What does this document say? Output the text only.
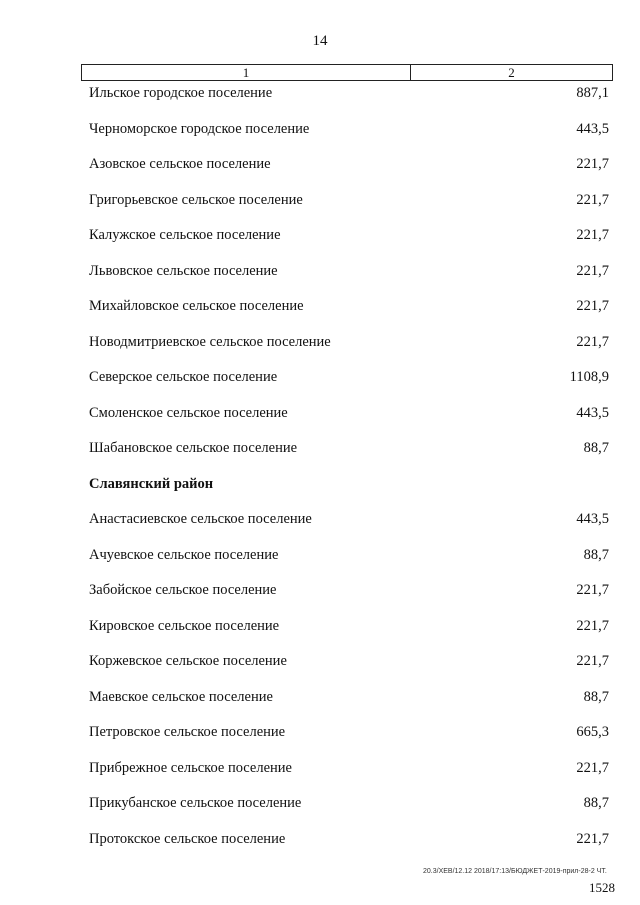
14
1	2
Ильское городское поселение	887,1
Черноморское городское поселение	443,5
Азовское сельское поселение	221,7
Григорьевское сельское поселение	221,7
Калужское сельское поселение	221,7
Львовское сельское поселение	221,7
Михайловское сельское поселение	221,7
Новодмитриевское сельское поселение	221,7
Северское сельское поселение	1108,9
Смоленское сельское поселение	443,5
Шабановское сельское поселение	88,7
Славянский район
Анастасиевское сельское поселение	443,5
Ачуевское сельское поселение	88,7
Забойское сельское поселение	221,7
Кировское сельское поселение	221,7
Коржевское сельское поселение	221,7
Маевское сельское поселение	88,7
Петровское сельское поселение	665,3
Прибрежное сельское поселение	221,7
Прикубанское сельское поселение	88,7
Протокское сельское поселение	221,7
20.3/XEB/12.12 2018/17:13/БЮДЖЕТ-2019-прил-28-2 ЧТ.
1528
